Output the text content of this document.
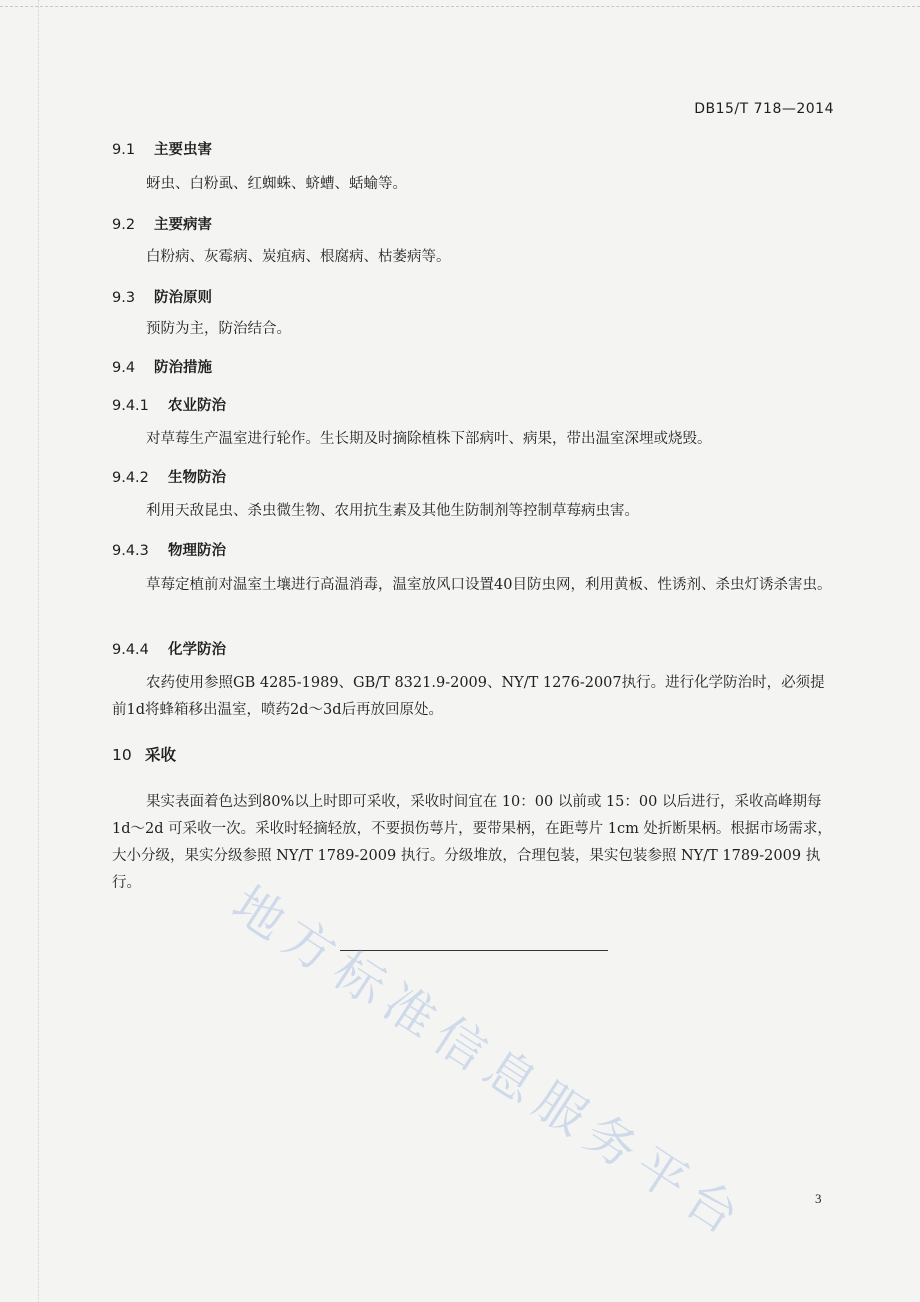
DB15/T 718—2014
9.1 主要虫害
蚜虫、白粉虱、红蜘蛛、蛴螬、蛞蝓等。
9.2 主要病害
白粉病、灰霉病、炭疽病、根腐病、枯萎病等。
9.3 防治原则
预防为主，防治结合。
9.4 防治措施
9.4.1 农业防治
对草莓生产温室进行轮作。生长期及时摘除植株下部病叶、病果，带出温室深埋或烧毁。
9.4.2 生物防治
利用天敌昆虫、杀虫微生物、农用抗生素及其他生防制剂等控制草莓病虫害。
9.4.3 物理防治
草莓定植前对温室土壤进行高温消毒，温室放风口设置40目防虫网，利用黄板、性诱剂、杀虫灯诱杀害虫。
9.4.4 化学防治
农药使用参照GB 4285-1989、GB/T 8321.9-2009、NY/T 1276-2007执行。进行化学防治时，必须提前1d将蜂箱移出温室，喷药2d～3d后再放回原处。
10 采收
果实表面着色达到80%以上时即可采收，采收时间宜在 10：00 以前或 15：00 以后进行，采收高峰期每 1d～2d 可采收一次。采收时轻摘轻放，不要损伤萼片，要带果柄，在距萼片 1cm 处折断果柄。根据市场需求，大小分级，果实分级参照 NY/T 1789-2009 执行。分级堆放，合理包装，果实包装参照 NY/T 1789-2009 执行。	地方标准信息服务平台	3
